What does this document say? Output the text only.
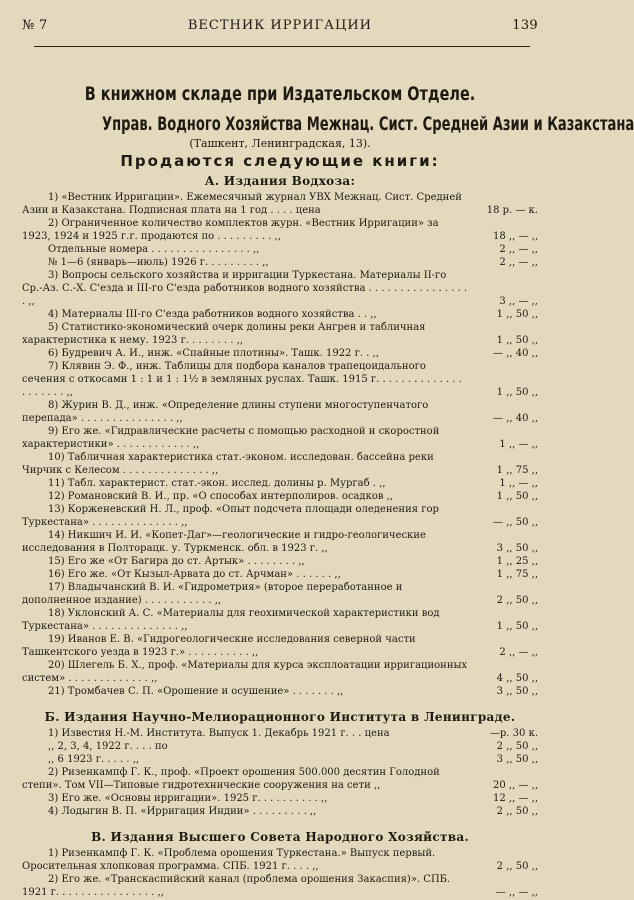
№ 7	ВЕСТНИК ИРРИГАЦИИ	139
В книжном складе при Издательском Отделе.
Управ. Водного Хозяйства Межнац. Сист. Средней Азии и Казакстана
(Ташкент, Ленинградская, 13).
Продаются следующие книги:
А. Издания Водхоза:
1) «Вестник Ирригации». Ежемесячный журнал УВХ Межнац. Сист. Средней Азии и Казакстана. Подписная плата на 1 год . . . . цена	18 р. — к.
2) Ограниченное количество комплектов журн. «Вестник Ирригации» за 1923, 1924 и 1925 г.г. продаются по . . . . . . . . . ,,	18 ,, — ,,
Отдельные номера . . . . . . . . . . . . . . . . ,,	2 ,, — ,,
№ 1—6 (январь—июль) 1926 г. . . . . . . . . ,,	2 ,, — ,,
3) Вопросы сельского хозяйства и ирригации Туркестана. Материалы II-го Ср.-Аз. С.-Х. С'езда и III-го С'езда работников водного хозяйства . . . . . . . . . . . . . . . . . ,,	3 ,, — ,,
4) Материалы III-го С'езда работников водного хозяйства . . ,,	1 ,, 50 ,,
5) Статистико-экономический очерк долины реки Ангрен и табличная характеристика к нему. 1923 г. . . . . . . . ,,	1 ,, 50 ,,
6) Будревич А. И., инж. «Спайные плотины». Ташк. 1922 г. . ,,	— ,, 40 ,,
7) Клявин Э. Ф., инж. Таблицы для подбора каналов трапецоидального сечения с откосами 1 : 1 и 1 : 1½ в земляных руслах. Ташк. 1915 г. . . . . . . . . . . . . . . . . . . . . ,,	1 ,, 50 ,,
8) Журин В. Д., инж. «Определение длины ступени многоступенчатого перепада» . . . . . . . . . . . . . . . ,,	— ,, 40 ,,
9) Его же. «Гидравлические расчеты с помощью расходной и скоростной характеристики» . . . . . . . . . . . . ,,	1 ,, — ,,
10) Табличная характеристика стат.-эконом. исследован. бассейна реки Чирчик с Келесом . . . . . . . . . . . . . . ,,	1 ,, 75 ,,
11) Табл. характерист. стат.-экон. исслед. долины р. Мургаб . ,,	1 ,, — ,,
12) Романовский В. И., пр. «О способах интерполиров. осадков ,,	1 ,, 50 ,,
13) Корженевский Н. Л., проф. «Опыт подсчета площади оледенения гор Туркестана» . . . . . . . . . . . . . . ,,	— ,, 50 ,,
14) Никшич И. И. «Копет-Даг»—геологические и гидро-геологические исследования в Полторацк. у. Туркменск. обл. в 1923 г. ,,	3 ,, 50 ,,
15) Его же «От Багира до ст. Артык» . . . . . . . . ,,	1 ,, 25 ,,
16) Его же. «От Кызыл-Арвата до ст. Арчман» . . . . . . ,,	1 ,, 75 ,,
17) Владычанский В. И. «Гидрометрия» (второе переработанное и дополненное издание) . . . . . . . . . . . ,,	2 ,, 50 ,,
18) Уклонский А. С. «Материалы для геохимической характеристики вод Туркестана» . . . . . . . . . . . . . . ,,	1 ,, 50 ,,
19) Иванов Е. В. «Гидрогеологические исследования северной части Ташкентского уезда в 1923 г.» . . . . . . . . . . ,,	2 ,, — ,,
20) Шлегель Б. Х., проф. «Материалы для курса эксплоатации ирригационных систем» . . . . . . . . . . . . . ,,	4 ,, 50 ,,
21) Тромбачев С. П. «Орошение и осушение» . . . . . . . ,,	3 ,, 50 ,,
Б. Издания Научно-Мелиорационного Института в Ленинграде.
1) Известия Н.-М. Института. Выпуск 1. Декабрь 1921 г. . . цена	—р. 30 к.
,, 2, 3, 4, 1922 г. . . . по	2 ,, 50 ,,
,, 6 1923 г. . . . . ,,	3 ,, 50 ,,
2) Ризенкампф Г. К., проф. «Проект орошения 500.000 десятин Голодной степи». Том VII—Типовые гидротехнические сооружения на сети ,,	20 ,, — ,,
3) Его же. «Основы ирригации». 1925 г. . . . . . . . . . ,,	12 ,, — ,,
4) Лодыгин В. П. «Ирригация Индии» . . . . . . . . . ,,	2 ,, 50 ,,
В. Издания Высшего Совета Народного Хозяйства.
1) Ризенкампф Г. К. «Проблема орошения Туркестана.» Выпуск первый. Оросительная хлопковая программа. СПБ. 1921 г. . . . ,,	2 ,, 50 ,,
2) Его же. «Транскаспийский канал (проблема орошения Закаспия)». СПБ. 1921 г. . . . . . . . . . . . . . . . ,,	— ,, — ,,
